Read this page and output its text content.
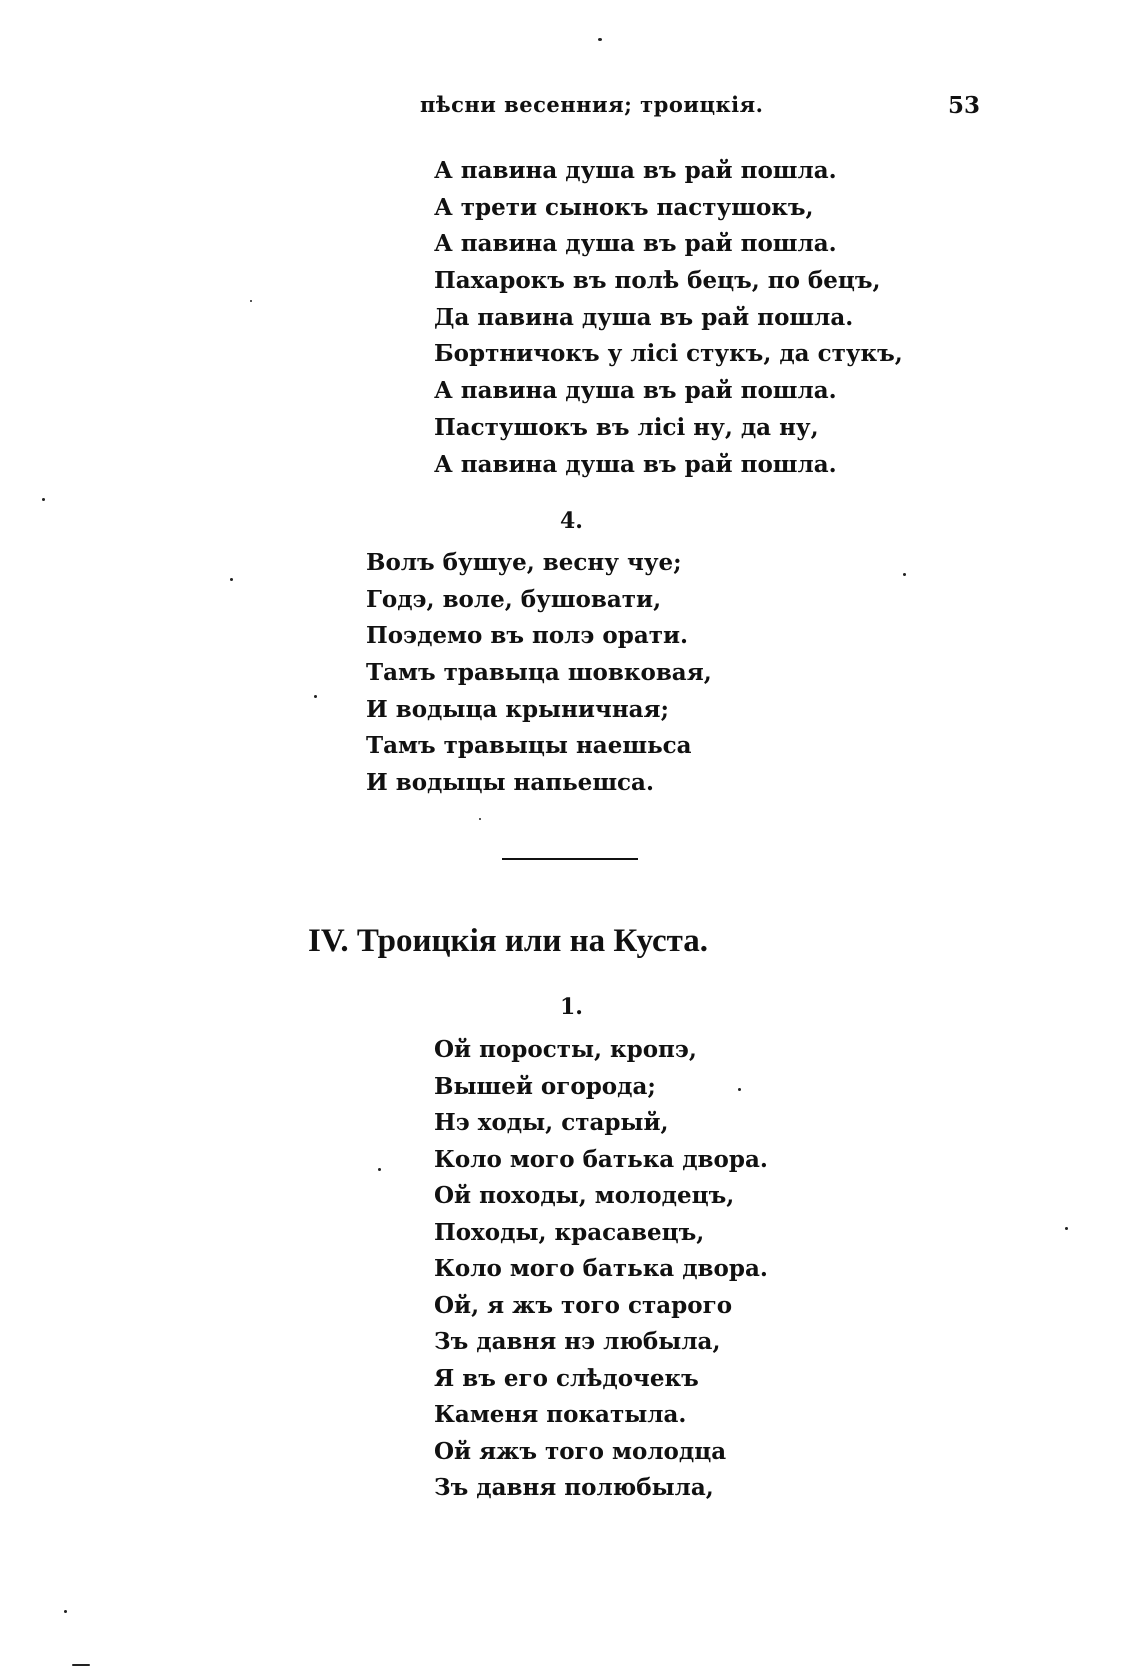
пѣсни весенния; троицкія.	53
А павина душа въ рай пошла.
А трети сынокъ пастушокъ,
А павина душа въ рай пошла.
Пахарокъ въ полѣ бецъ, по бецъ,
Да павина душа въ рай пошла.
Бортничокъ у лісі стукъ, да стукъ,
А павина душа въ рай пошла.
Пастушокъ въ лісі ну, да ну,
А павина душа въ рай пошла.
4.
Волъ бушуе, весну чуе;
Годэ, воле, бушовати,
Поэдемо въ полэ орати.
Тамъ травыца шовковая,
И водыца крыничная;
Тамъ травыцы наешьса
И водыцы напьешса.
IV. Троицкія или на Куста.
1.
Ой поросты, кропэ,
Вышей огорода;
Нэ ходы, старый,
Коло мого батька двора.
Ой походы, молодецъ,
Походы, красавецъ,
Коло мого батька двора.
Ой, я жъ того старого
Зъ давня нэ любыла,
Я въ его слѣдочекъ
Каменя покатыла.
Ой яжъ того молодца
Зъ давня полюбыла,
